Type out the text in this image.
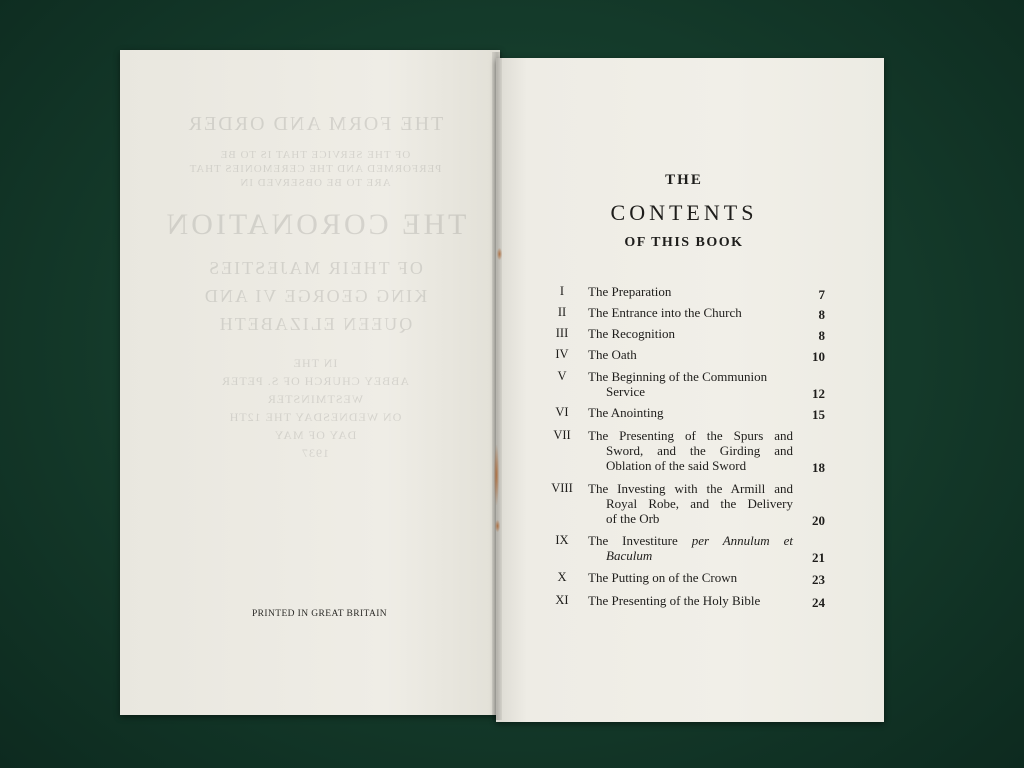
PRINTED IN GREAT BRITAIN
THE
CONTENTS
OF THIS BOOK
I	The Preparation	7
II	The Entrance into the Church	8
III	The Recognition	8
IV	The Oath	10
V	The Beginning of the Communion
Service	12
VI	The Anointing	15
VII	The Presenting of the Spurs and
Sword, and the Girding and
Oblation of the said Sword	18
VIII	The Investing with the Armill and
Royal Robe, and the Delivery
of the Orb	20
IX	The Investiture per Annulum et
Baculum	21
X	The Putting on of the Crown	23
XI	The Presenting of the Holy Bible	24
